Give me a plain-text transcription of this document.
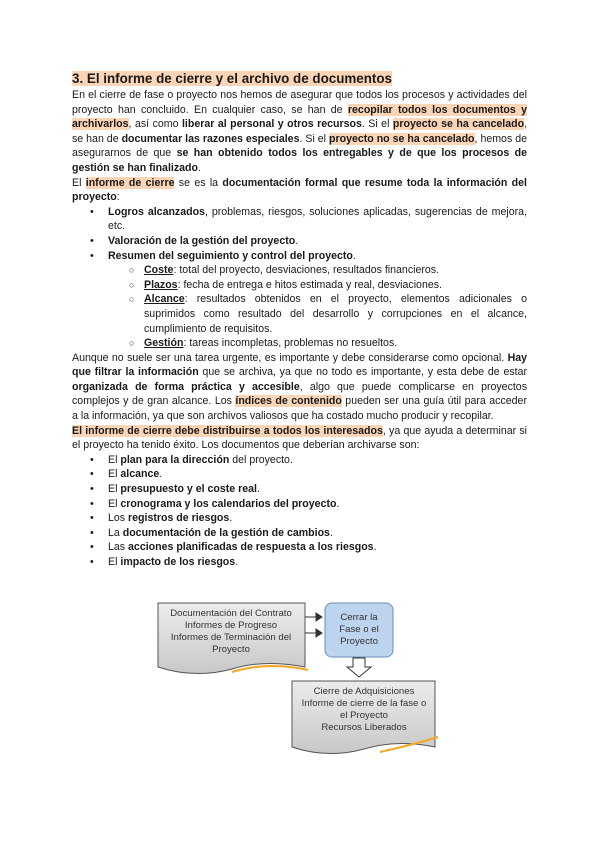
3. El informe de cierre y el archivo de documentos

En el cierre de fase o proyecto nos hemos de asegurar que todos los procesos y actividades del proyecto han concluido. En cualquier caso, se han de recopilar todos los documentos y archivarlos, así como liberar al personal y otros recursos. Si el proyecto se ha cancelado, se han de documentar las razones especiales. Si el proyecto no se ha cancelado, hemos de asegurarnos de que se han obtenido todos los entregables y de que los procesos de gestión se han finalizado.

El informe de cierre se es la documentación formal que resume toda la información del proyecto:

• Logros alcanzados, problemas, riesgos, soluciones aplicadas, sugerencias de mejora, etc.
• Valoración de la gestión del proyecto.
• Resumen del seguimiento y control del proyecto.
○ Coste: total del proyecto, desviaciones, resultados financieros.
○ Plazos: fecha de entrega e hitos estimada y real, desviaciones.
○ Alcance: resultados obtenidos en el proyecto, elementos adicionales o suprimidos como resultado del desarrollo y corrupciones en el alcance, cumplimiento de requisitos.
○ Gestión: tareas incompletas, problemas no resueltos.

Aunque no suele ser una tarea urgente, es importante y debe considerarse como opcional. Hay que filtrar la información que se archiva, ya que no todo es importante, y esta debe de estar organizada de forma práctica y accesible, algo que puede complicarse en proyectos complejos y de gran alcance. Los índices de contenido pueden ser una guía útil para acceder a la información, ya que son archivos valiosos que ha costado mucho producir y recopilar.

El informe de cierre debe distribuirse a todos los interesados, ya que ayuda a determinar si el proyecto ha tenido éxito. Los documentos que deberían archivarse son:

• El plan para la dirección del proyecto.
• El alcance.
• El presupuesto y el coste real.
• El cronograma y los calendarios del proyecto.
• Los registros de riesgos.
• La documentación de la gestión de cambios.
• Las acciones planificadas de respuesta a los riesgos.
• El impacto de los riesgos.
Documentación del Contrato
Informes de Progreso
Informes de Terminación del
Proyecto
Cerrar la
Fase o el
Proyecto
Cierre de Adquisiciones
Informe de cierre de la fase o
el Proyecto
Recursos Liberados
